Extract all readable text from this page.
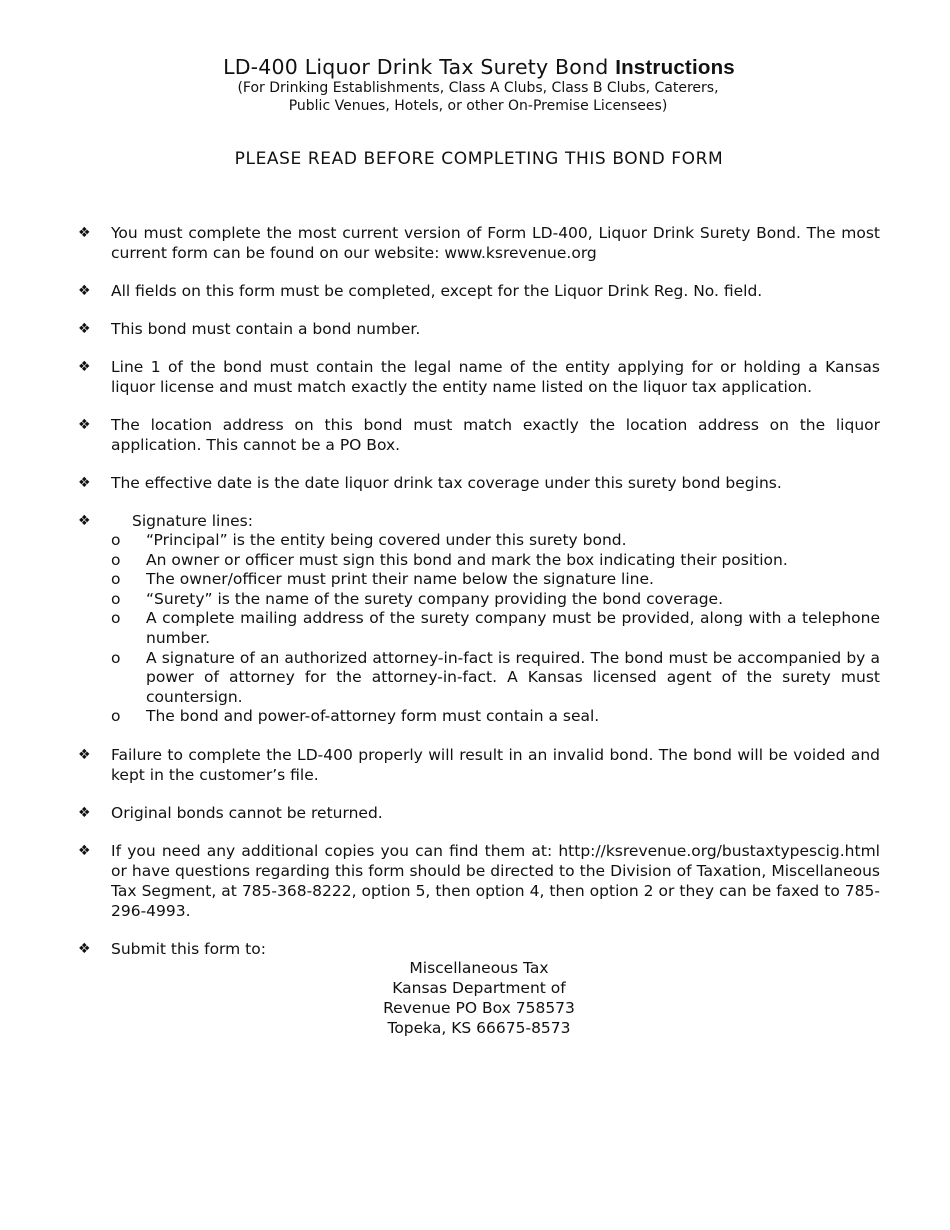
LD-400 Liquor Drink Tax Surety Bond Instructions
(For Drinking Establishments, Class A Clubs, Class B Clubs, Caterers,
Public Venues, Hotels, or other On-Premise Licensees)
PLEASE READ BEFORE COMPLETING THIS BOND FORM
❖ You must complete the most current version of Form LD-400, Liquor Drink Surety Bond. The most current form can be found on our website: www.ksrevenue.org
❖ All fields on this form must be completed, except for the Liquor Drink Reg. No. field.
❖ This bond must contain a bond number.
❖ Line 1 of the bond must contain the legal name of the entity applying for or holding a Kansas liquor license and must match exactly the entity name listed on the liquor tax application.
❖ The location address on this bond must match exactly the location address on the liquor application. This cannot be a PO Box.
❖ The effective date is the date liquor drink tax coverage under this surety bond begins.
❖	Signature lines:
o “Principal” is the entity being covered under this surety bond.
o An owner or officer must sign this bond and mark the box indicating their position.
o The owner/officer must print their name below the signature line.
o “Surety” is the name of the surety company providing the bond coverage.
o A complete mailing address of the surety company must be provided, along with a telephone number.
o A signature of an authorized attorney-in-fact is required. The bond must be accompanied by a power of attorney for the attorney-in-fact. A Kansas licensed agent of the surety must countersign.
o The bond and power-of-attorney form must contain a seal.
❖ Failure to complete the LD-400 properly will result in an invalid bond. The bond will be voided and kept in the customer’s file.
❖ Original bonds cannot be returned.
❖ If you need any additional copies you can find them at: http://ksrevenue.org/bustaxtypescig.html or have questions regarding this form should be directed to the Division of Taxation, Miscellaneous Tax Segment, at 785-368-8222, option 5, then option 4, then option 2 or they can be faxed to 785-296-4993.
❖ Submit this form to:
Miscellaneous Tax
Kansas Department of
Revenue PO Box 758573
Topeka, KS 66675-8573
